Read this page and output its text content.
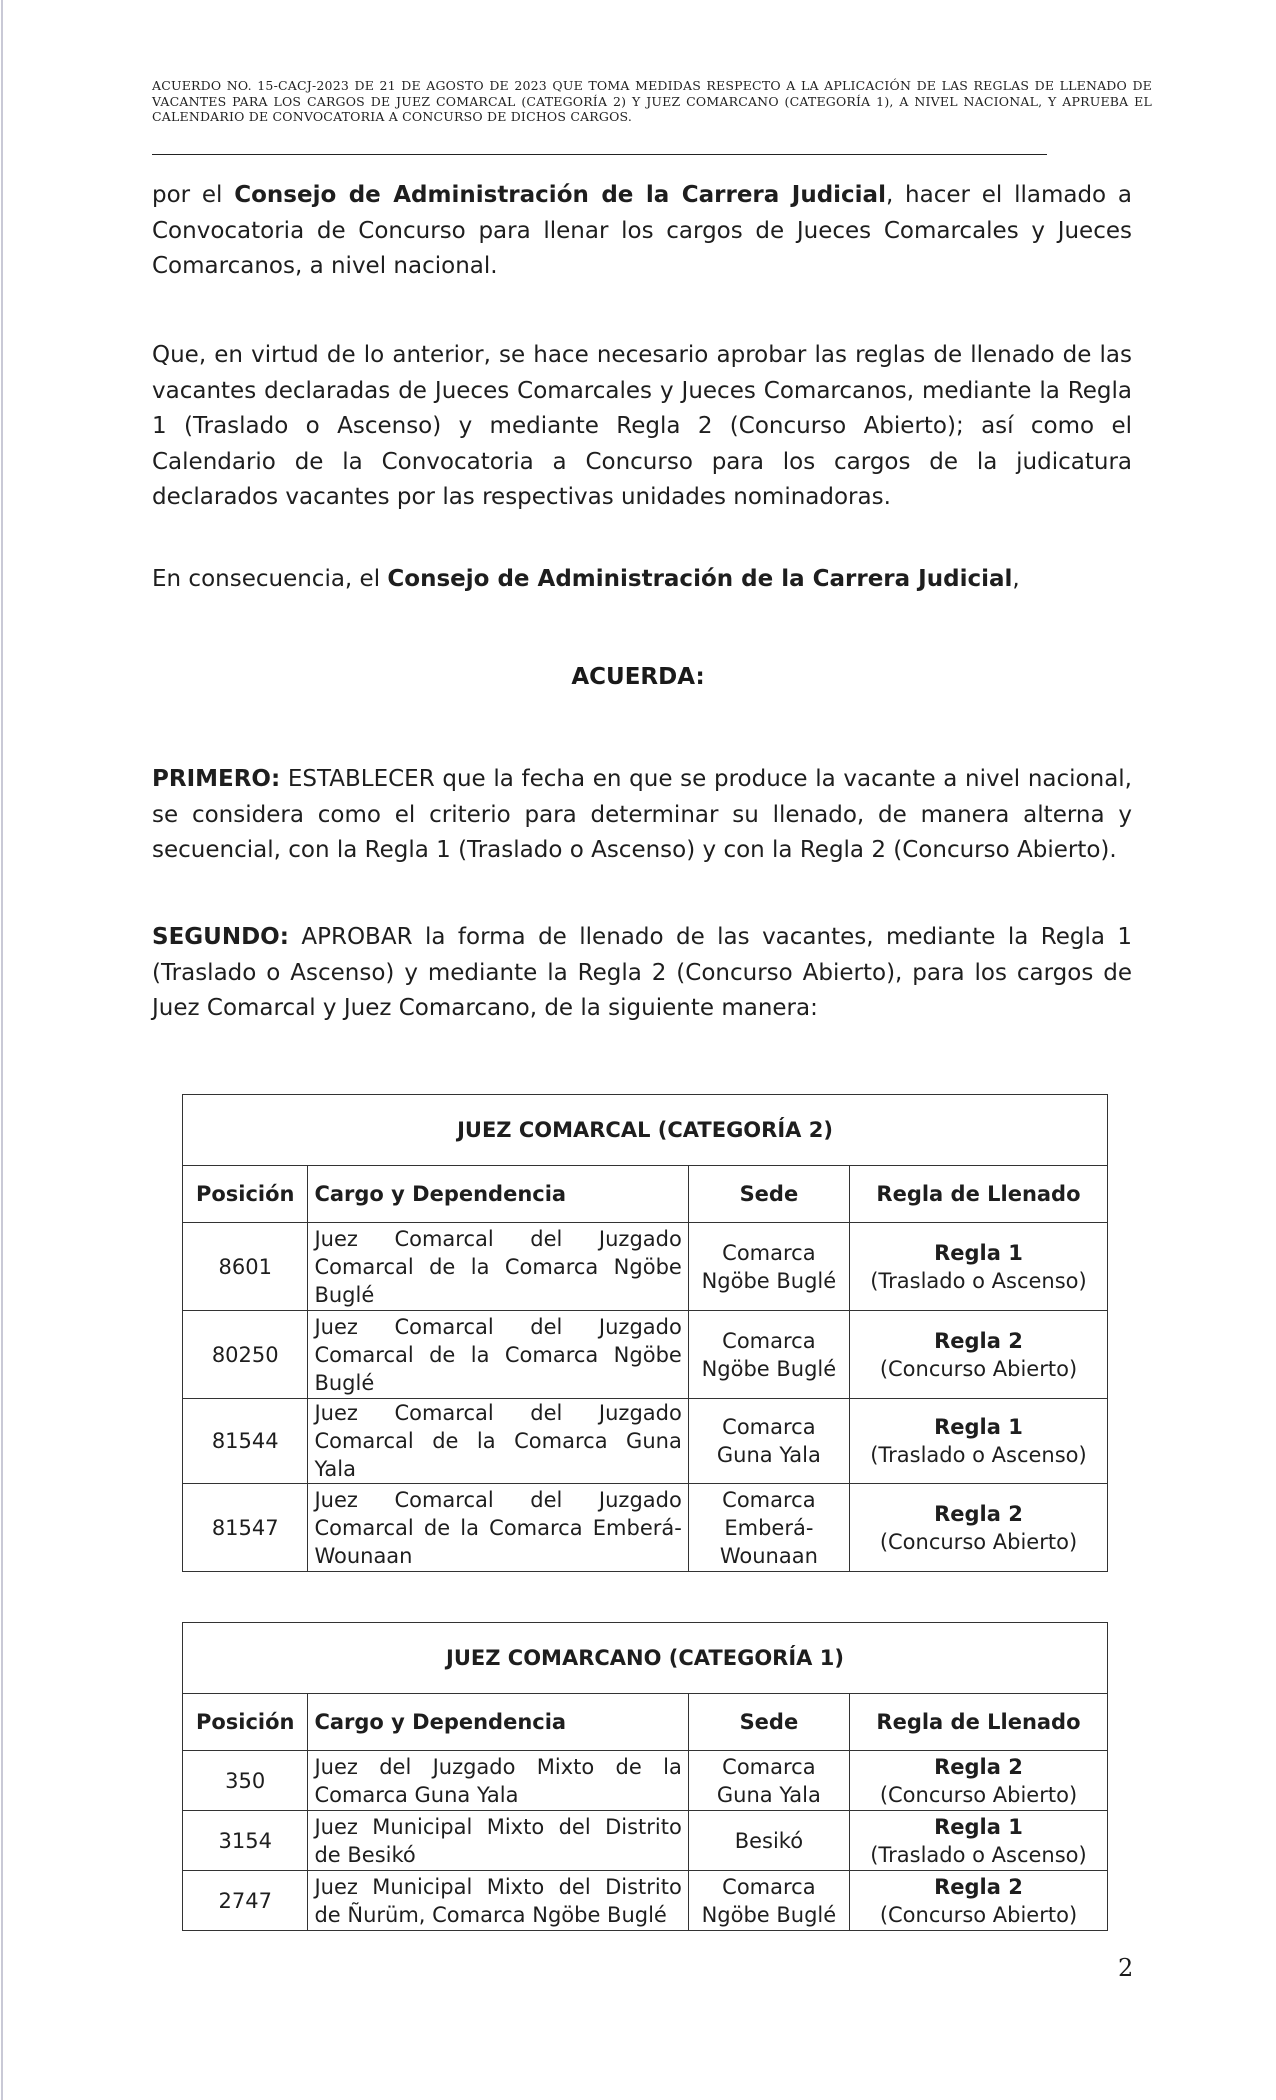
ACUERDO NO. 15-CACJ-2023 DE 21 DE AGOSTO DE 2023 QUE TOMA MEDIDAS RESPECTO A LA APLICACIÓN DE LAS REGLAS DE LLENADO DE VACANTES PARA LOS CARGOS DE JUEZ COMARCAL (CATEGORÍA 2) Y JUEZ COMARCANO (CATEGORÍA 1), A NIVEL NACIONAL, Y APRUEBA EL CALENDARIO DE CONVOCATORIA A CONCURSO DE DICHOS CARGOS.
por el Consejo de Administración de la Carrera Judicial, hacer el llamado a Convocatoria de Concurso para llenar los cargos de Jueces Comarcales y Jueces Comarcanos, a nivel nacional.
Que, en virtud de lo anterior, se hace necesario aprobar las reglas de llenado de las vacantes declaradas de Jueces Comarcales y Jueces Comarcanos, mediante la Regla 1 (Traslado o Ascenso) y mediante Regla 2 (Concurso Abierto); así como el Calendario de la Convocatoria a Concurso para los cargos de la judicatura declarados vacantes por las respectivas unidades nominadoras.
En consecuencia, el Consejo de Administración de la Carrera Judicial,
ACUERDA:
PRIMERO: ESTABLECER que la fecha en que se produce la vacante a nivel nacional, se considera como el criterio para determinar su llenado, de manera alterna y secuencial, con la Regla 1 (Traslado o Ascenso) y con la Regla 2 (Concurso Abierto).
SEGUNDO: APROBAR la forma de llenado de las vacantes, mediante la Regla 1 (Traslado o Ascenso) y mediante la Regla 2 (Concurso Abierto), para los cargos de Juez Comarcal y Juez Comarcano, de la siguiente manera:
JUEZ COMARCAL (CATEGORÍA 2)			
Posición	Cargo y Dependencia	Sede	Regla de Llenado
8601	Juez Comarcal del Juzgado Comarcal de la Comarca Ngöbe Buglé	Comarca Ngöbe Buglé	Regla 1
(Traslado o Ascenso)
80250	Juez Comarcal del Juzgado Comarcal de la Comarca Ngöbe Buglé	Comarca Ngöbe Buglé	Regla 2
(Concurso Abierto)
81544	Juez Comarcal del Juzgado Comarcal de la Comarca Guna Yala	Comarca Guna Yala	Regla 1
(Traslado o Ascenso)
81547	Juez Comarcal del Juzgado Comarcal de la Comarca Emberá-Wounaan	Comarca Emberá-Wounaan	Regla 2
(Concurso Abierto)
JUEZ COMARCANO (CATEGORÍA 1)			
Posición	Cargo y Dependencia	Sede	Regla de Llenado
350	Juez del Juzgado Mixto de la Comarca Guna Yala	Comarca Guna Yala	Regla 2
(Concurso Abierto)
3154	Juez Municipal Mixto del Distrito de Besikó	Besikó	Regla 1
(Traslado o Ascenso)
2747	Juez Municipal Mixto del Distrito de Ñurüm, Comarca Ngöbe Buglé	Comarca Ngöbe Buglé	Regla 2
(Concurso Abierto)
2
